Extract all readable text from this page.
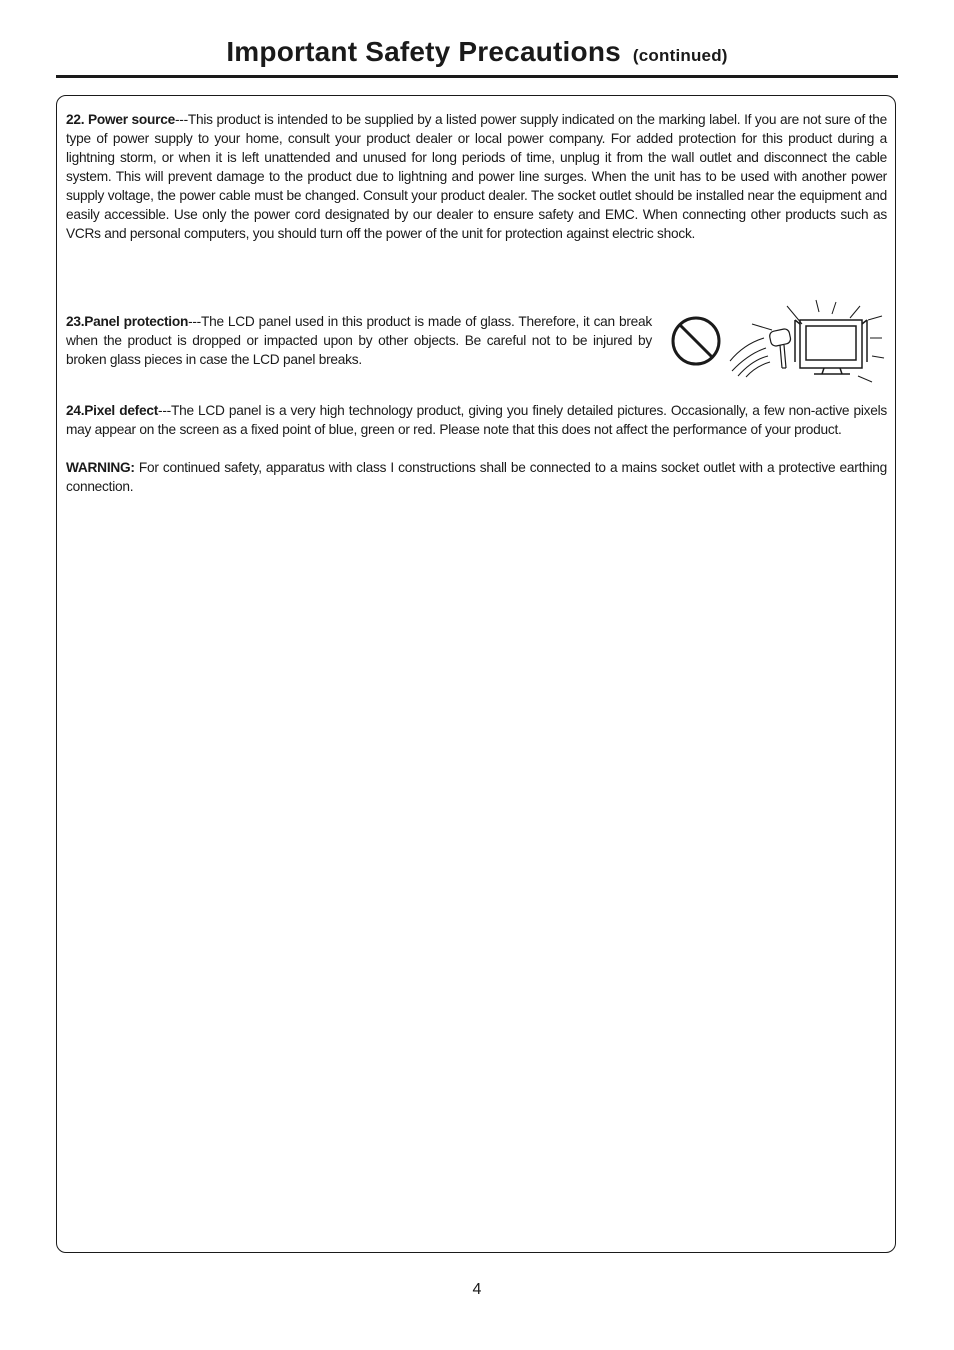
Important Safety Precautions (continued)
22. Power source---This product is intended to be supplied by a listed power supply indicated on the marking label. If you are not sure of the type of power supply to your home, consult your product dealer or local power company. For added protection for this product during a lightning storm, or when it is left unattended and unused for long periods of time, unplug it from the wall outlet and disconnect the cable system. This will prevent damage to the product due to lightning and power line surges. When the unit has to be used with another power supply voltage, the power cable must be changed. Consult your product dealer. The socket outlet should be installed near the equipment and easily accessible. Use only the power cord designated by our dealer to ensure safety and EMC. When connecting other products such as VCRs and personal computers, you should turn off the power of the unit for protection against electric shock.
23.Panel protection---The LCD panel used in this product is made of glass. Therefore, it can break when the product is dropped or impacted upon by other objects. Be careful not to be injured by broken glass pieces in case the LCD panel breaks.
24.Pixel defect---The LCD panel is a very high technology product, giving you finely detailed pictures. Occasionally, a few non-active pixels may appear on the screen as a fixed point of blue, green or red. Please note that this does not affect the performance of your product.
WARNING: For continued safety, apparatus with class I constructions shall be connected to a mains socket outlet with a protective earthing connection.
4
